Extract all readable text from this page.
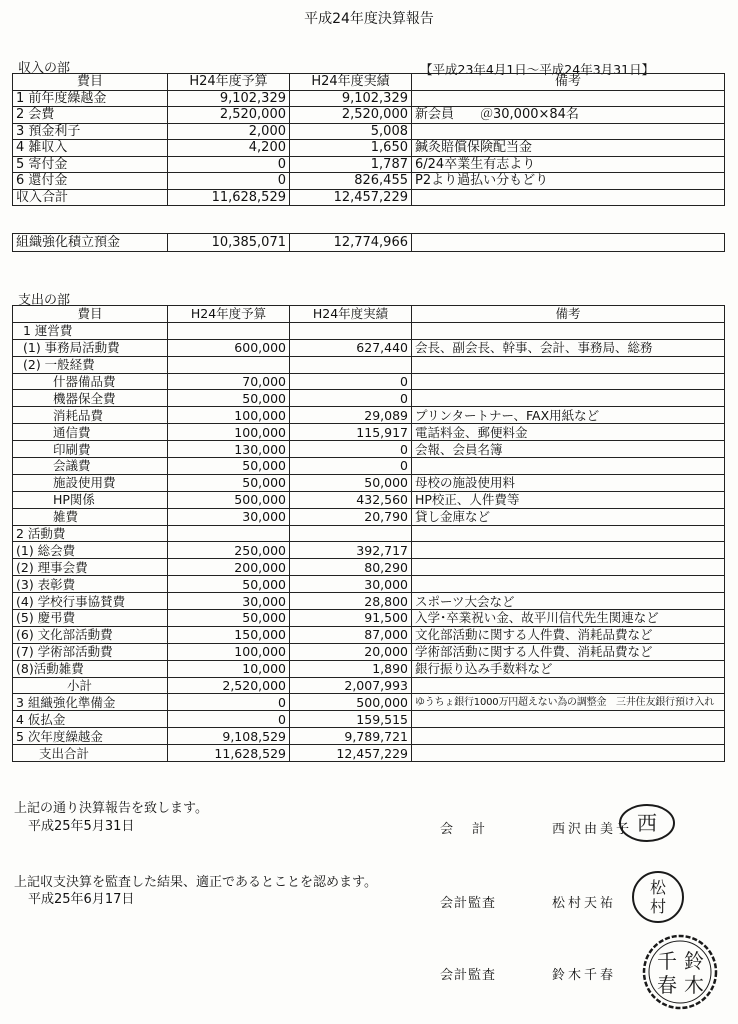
平成24年度決算報告
収入の部	【平成23年4月1日～平成24年3月31日】
費目	H24年度予算	H24年度実績	備考
1 前年度繰越金	9,102,329	9,102,329	
2 会費	2,520,000	2,520,000	新会員　　＠30,000×84名
3 預金利子	2,000	5,008	
4 雑収入	4,200	1,650	鍼灸賠償保険配当金
5 寄付金	0	1,787	6/24卒業生有志より
6 還付金	0	826,455	P2より過払い分もどり
収入合計	11,628,529	12,457,229	
組織強化積立預金	10,385,071	12,774,966	
支出の部
費目	H24年度予算	H24年度実績	備考
1 運営費			
(1) 事務局活動費	600,000	627,440	会長、副会長、幹事、会計、事務局、総務
(2) 一般経費			
什器備品費	70,000	0	
機器保全費	50,000	0	
消耗品費	100,000	29,089	プリンタートナー、FAX用紙など
通信費	100,000	115,917	電話料金、郵便料金
印刷費	130,000	0	会報、会員名簿
会議費	50,000	0	
施設使用費	50,000	50,000	母校の施設使用料
HP関係	500,000	432,560	HP校正、人件費等
雑費	30,000	20,790	貸し金庫など
2 活動費			
(1) 総会費	250,000	392,717	
(2) 理事会費	200,000	80,290	
(3) 表彰費	50,000	30,000	
(4) 学校行事協賛費	30,000	28,800	スポーツ大会など
(5) 慶弔費	50,000	91,500	入学･卒業祝い金、故平川信代先生関連など
(6) 文化部活動費	150,000	87,000	文化部活動に関する人件費、消耗品費など
(7) 学術部活動費	100,000	20,000	学術部活動に関する人件費、消耗品費など
(8)活動雑費	10,000	1,890	銀行振り込み手数料など
小計	2,520,000	2,007,993	
3 組織強化準備金	0	500,000	ゆうちょ銀行1000万円超えない為の調整金　三井住友銀行預け入れ
4 仮払金	0	159,515	
5 次年度繰越金	9,108,529	9,789,721	
支出合計	11,628,529	12,457,229	
上記の通り決算報告を致します。
平成25年5月31日	会　計	西沢由美子
上記収支決算を監査した結果、適正であるとことを認めます。
平成25年6月17日	会計監査	松村天祐
会計監査	鈴木千春
西
松
村
鈴
木
千
春
